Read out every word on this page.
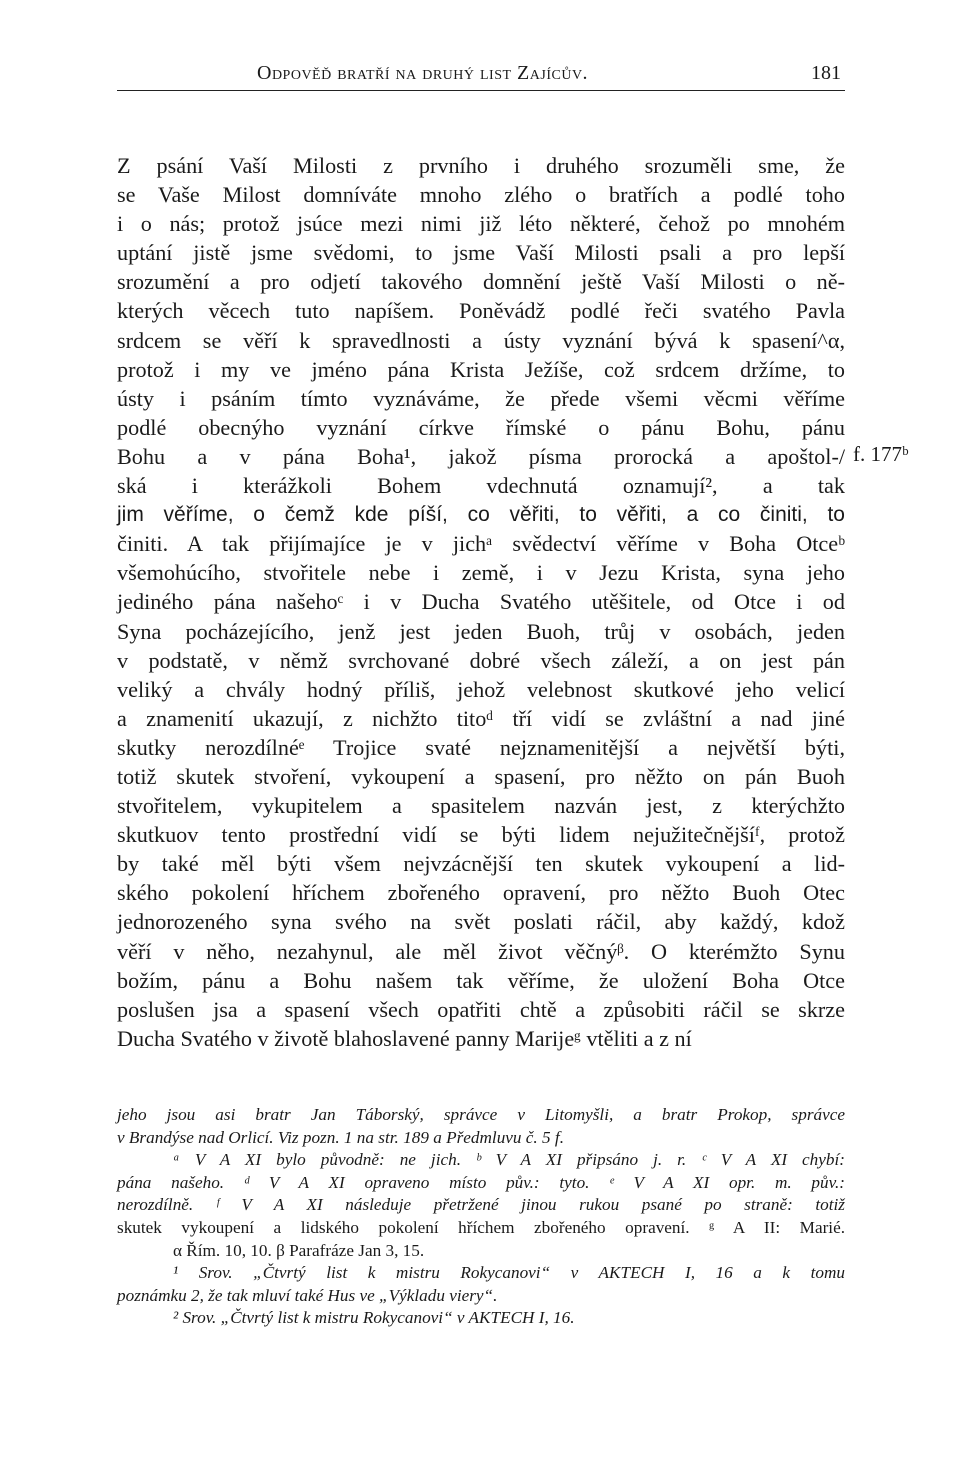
Odpověď bratří na druhý list Zajícův.	181
Z psání Vaší Milosti z prvního i druhého srozuměli sme, že
se Vaše Milost domníváte mnoho zlého o bratřích a podlé toho
i o nás; protož jsúce mezi nimi již léto některé, čehož po mnohém
uptání jistě jsme svědomi, to jsme Vaší Milosti psali a pro lepší
srozumění a pro odjetí takového domnění ještě Vaší Milosti o ně-
kterých věcech tuto napíšem. Poněvádž podlé řeči svatého Pavla
srdcem se věří k spravedlnosti a ústy vyznání bývá k spasení^α,
protož i my ve jméno pána Krista Ježíše, což srdcem držíme, to
ústy i psáním tímto vyznáváme, že přede všemi věcmi věříme
podlé obecnýho vyznání církve římské o pánu Bohu, pánu
Bohu a v pána Boha¹, jakož písma prorocká a apoštol-/
ská i kterážkoli Bohem vdechnutá oznamují², a tak
jim věříme, o čemž kde píší, co věřiti, to věřiti, a co činiti, to
činiti. A tak přijímajíce je v jichᵃ svědectví věříme v Boha Otceᵇ
všemohúcího, stvořitele nebe i země, i v Jezu Krista, syna jeho
jediného pána našehoᶜ i v Ducha Svatého utěšitele, od Otce i od
Syna pocházejícího, jenž jest jeden Buoh, trůj v osobách, jeden
v podstatě, v němž svrchované dobré všech záleží, a on jest pán
veliký a chvály hodný příliš, jehož velebnost skutkové jeho velicí
a znamenití ukazují, z nichžto titoᵈ tří vidí se zvláštní a nad jiné
skutky nerozdílnéᵉ Trojice svaté nejznamenitější a největší býti,
totiž skutek stvoření, vykoupení a spasení, pro něžto on pán Buoh
stvořitelem, vykupitelem a spasitelem nazván jest, z kterýchžto
skutkuov tento prostřední vidí se býti lidem nejužitečnějšíᶠ, protož
by také měl býti všem nejvzácnější ten skutek vykoupení a lid-
ského pokolení hříchem zbořeného opravení, pro něžto Buoh Otec
jednorozeného syna svého na svět poslati ráčil, aby každý, kdož
věří v něho, nezahynul, ale měl život věčnýᵝ. O kterémžto Synu
božím, pánu a Bohu našem tak věříme, že uložení Boha Otce
poslušen jsa a spasení všech opatřiti chtě a způsobiti ráčil se skrze
Ducha Svatého v životě blahoslavené panny Marijeᵍ vtěliti a z ní
f. 177ᵇ
jeho jsou asi bratr Jan Táborský, správce v Litomyšli, a bratr Prokop, správce
v Brandýse nad Orlicí. Viz pozn. 1 na str. 189 a Předmluvu č. 5 f.
ᵃ V A XI bylo původně: ne jich. ᵇ V A XI připsáno j. r. ᶜ V A XI chybí:
pána našeho. ᵈ V A XI opraveno místo pův.: tyto. ᵉ V A XI opr. m. pův.:
nerozdílně. ᶠ V A XI následuje přetržené jinou rukou psané po straně: totiž
skutek vykoupení a lidského pokolení hříchem zbořeného opravení. ᵍ A II: Marié.
α Řím. 10, 10. β Parafráze Jan 3, 15.
¹ Srov. „Čtvrtý list k mistru Rokycanovi“ v AKTECH I, 16 a k tomu
poznámku 2, že tak mluví také Hus ve „Výkladu viery“.
² Srov. „Čtvrtý list k mistru Rokycanovi“ v AKTECH I, 16.
